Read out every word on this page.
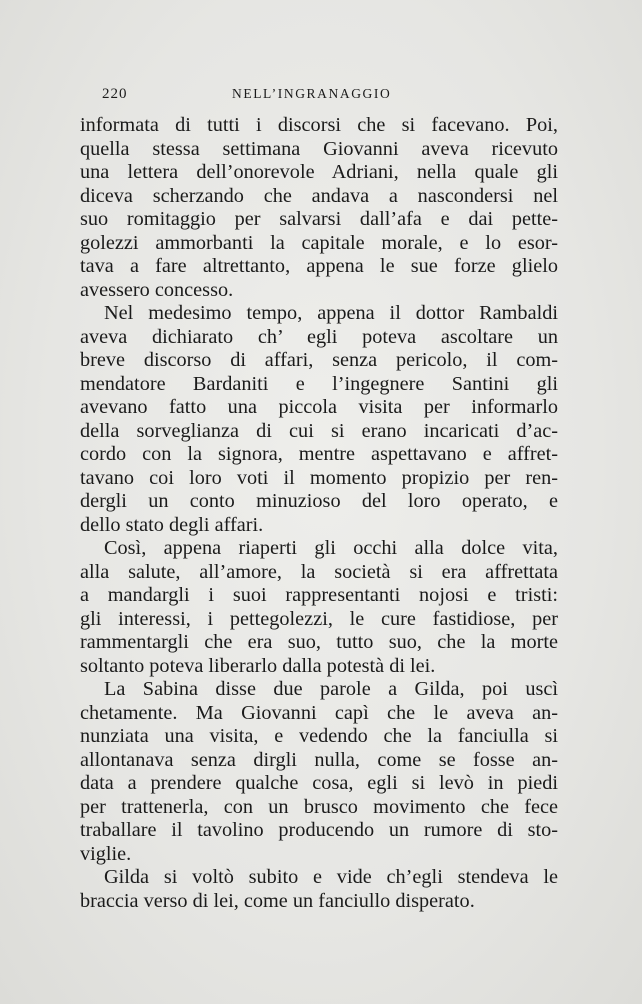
220	NELL’INGRANAGGIO
informata di tutti i discorsi che si facevano. Poi,
quella stessa settimana Giovanni aveva ricevuto
una lettera dell’onorevole Adriani, nella quale gli
diceva scherzando che andava a nascondersi nel
suo romitaggio per salvarsi dall’afa e dai pette-
golezzi ammorbanti la capitale morale, e lo esor-
tava a fare altrettanto, appena le sue forze glielo
avessero concesso.
Nel medesimo tempo, appena il dottor Rambaldi
aveva dichiarato ch’ egli poteva ascoltare un
breve discorso di affari, senza pericolo, il com-
mendatore Bardaniti e l’ingegnere Santini gli
avevano fatto una piccola visita per informarlo
della sorveglianza di cui si erano incaricati d’ac-
cordo con la signora, mentre aspettavano e affret-
tavano coi loro voti il momento propizio per ren-
dergli un conto minuzioso del loro operato, e
dello stato degli affari.
Così, appena riaperti gli occhi alla dolce vita,
alla salute, all’amore, la società si era affrettata
a mandargli i suoi rappresentanti nojosi e tristi:
gli interessi, i pettegolezzi, le cure fastidiose, per
rammentargli che era suo, tutto suo, che la morte
soltanto poteva liberarlo dalla potestà di lei.
La Sabina disse due parole a Gilda, poi uscì
chetamente. Ma Giovanni capì che le aveva an-
nunziata una visita, e vedendo che la fanciulla si
allontanava senza dirgli nulla, come se fosse an-
data a prendere qualche cosa, egli si levò in piedi
per trattenerla, con un brusco movimento che fece
traballare il tavolino producendo un rumore di sto-
viglie.
Gilda si voltò subito e vide ch’egli stendeva le
braccia verso di lei, come un fanciullo disperato.
